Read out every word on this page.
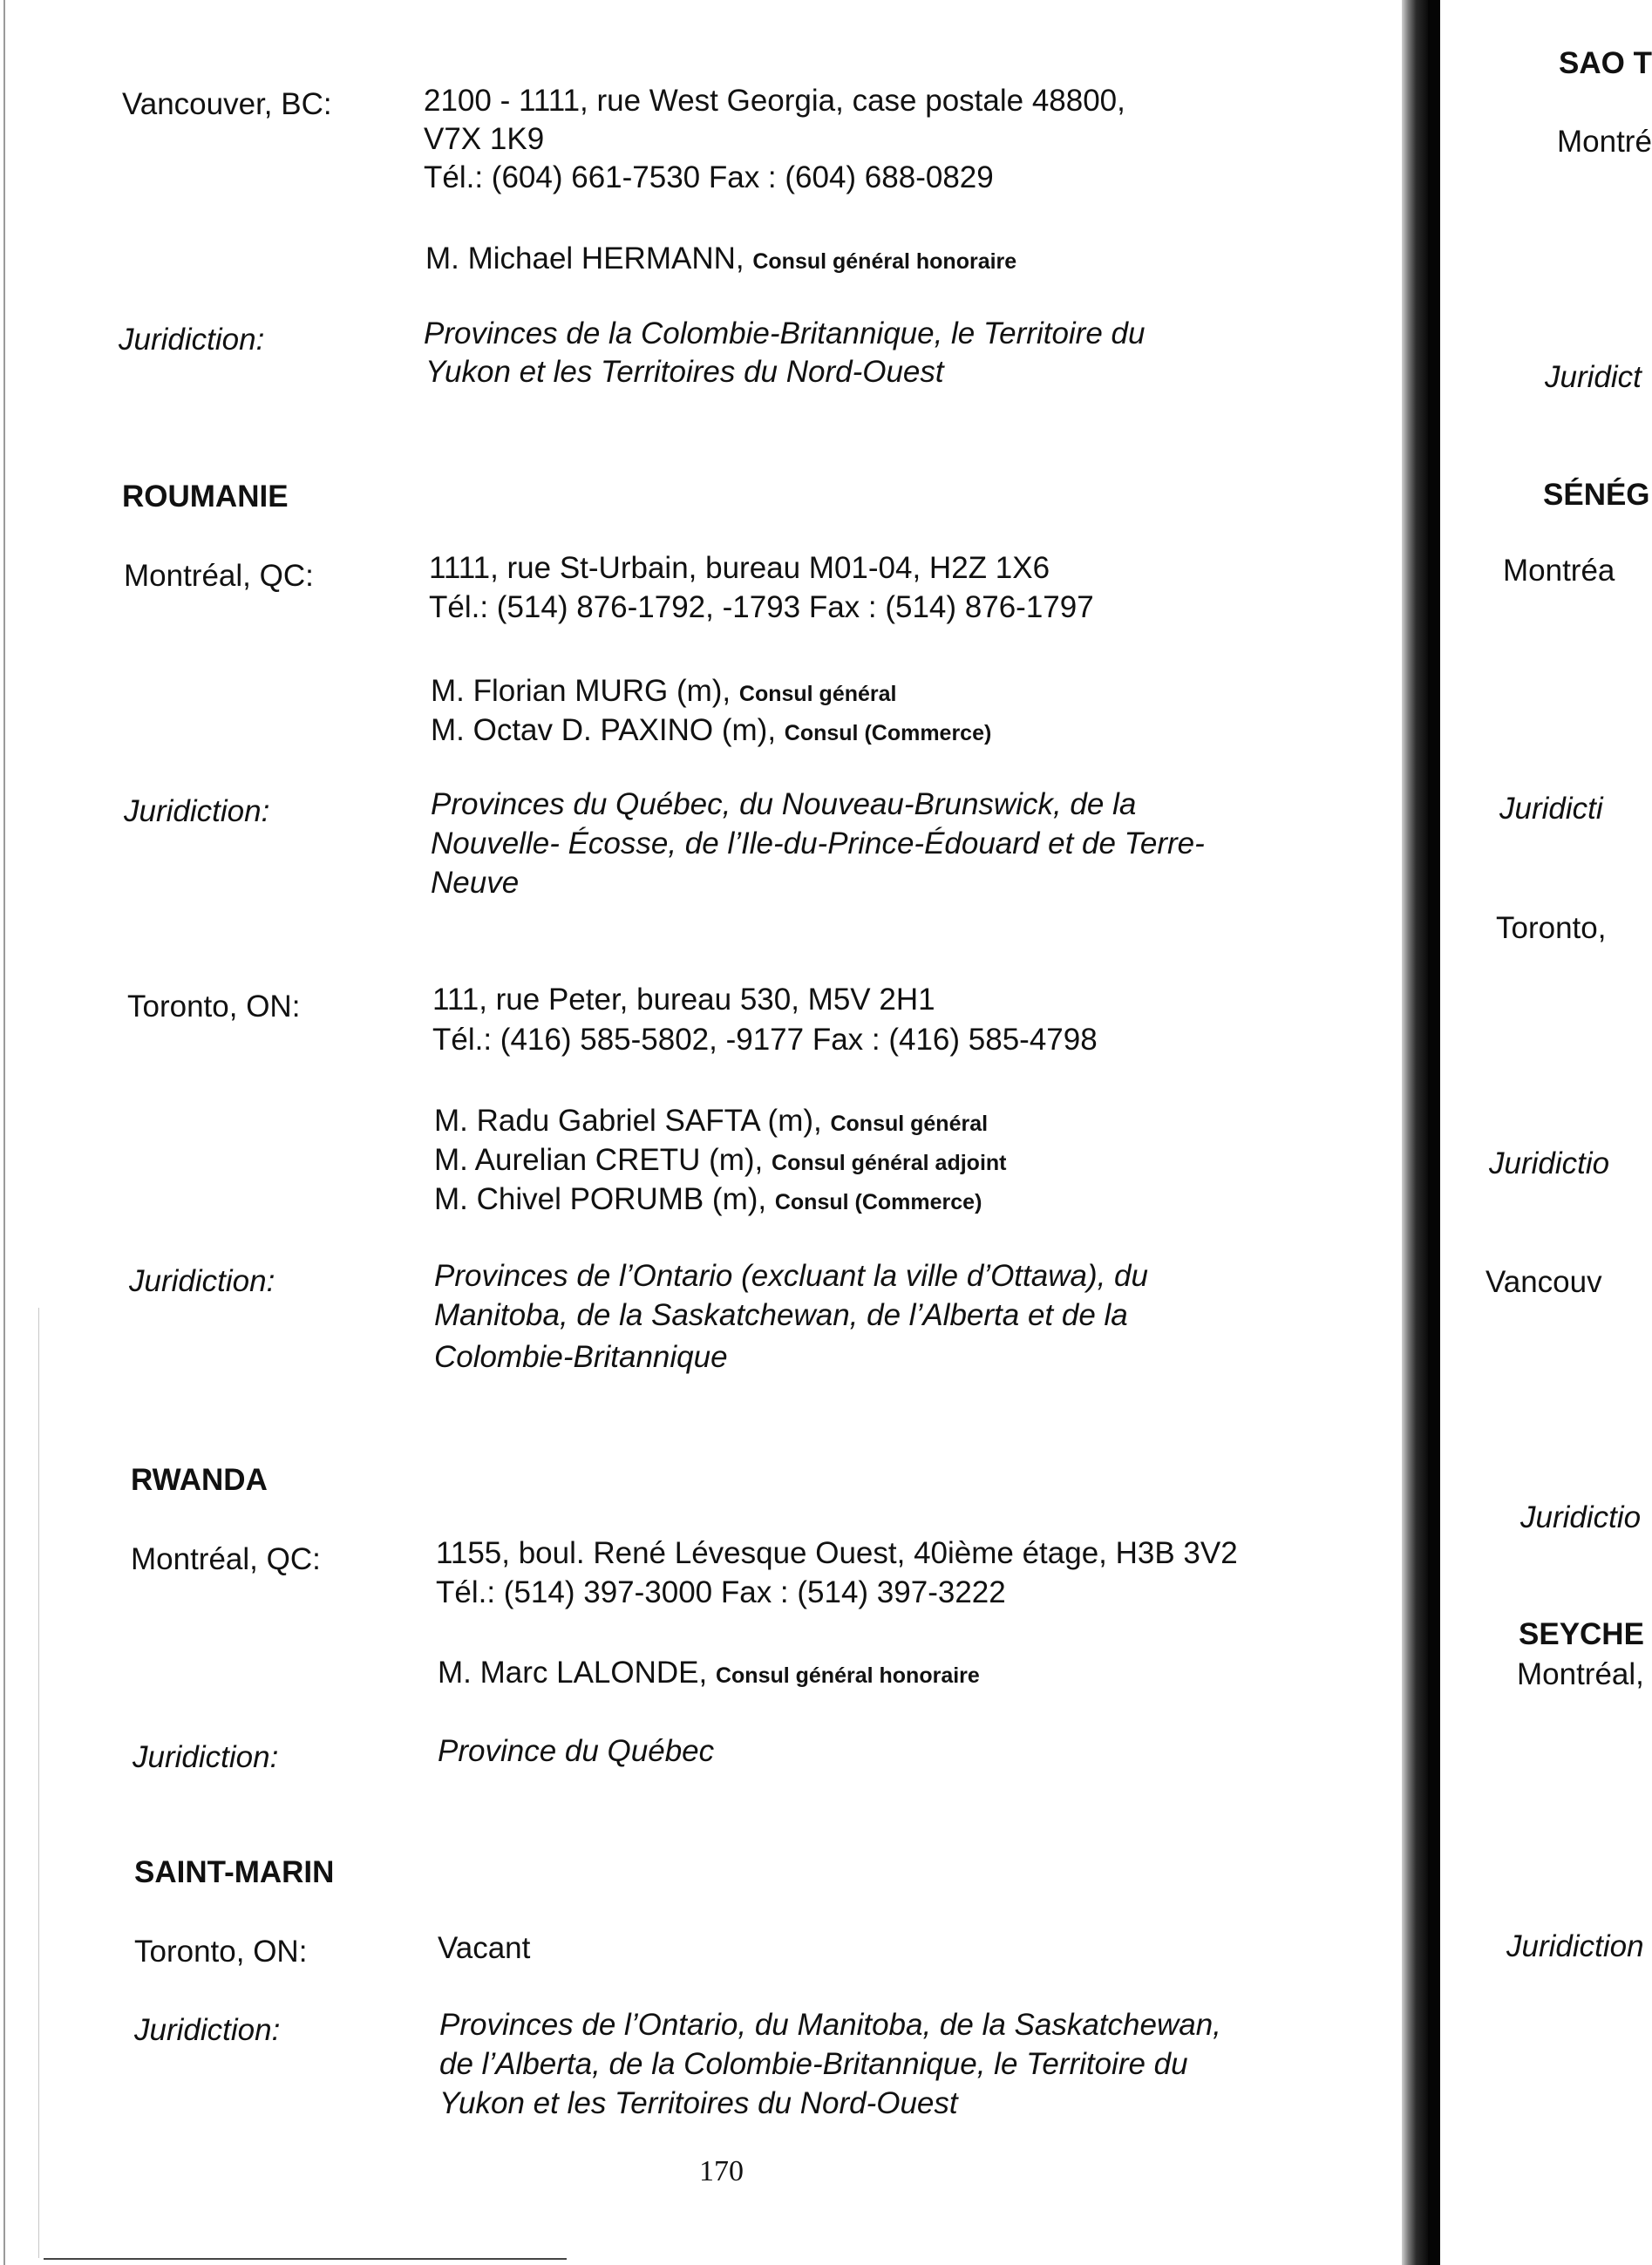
Vancouver, BC:	2100 - 1111, rue West Georgia, case postale 48800,
V7X 1K9
Tél.: (604) 661-7530 Fax : (604) 688-0829
M. Michael HERMANN, Consul général honoraire
Juridiction:	Provinces de la Colombie-Britannique, le Territoire du
Yukon et les Territoires du Nord-Ouest
ROUMANIE
Montréal, QC:	1111, rue St-Urbain, bureau M01-04, H2Z 1X6
Tél.: (514) 876-1792, -1793 Fax : (514) 876-1797
M. Florian MURG (m), Consul général
M. Octav D. PAXINO (m), Consul (Commerce)
Juridiction:	Provinces du Québec, du Nouveau-Brunswick, de la
Nouvelle- Écosse, de l’Ile-du-Prince-Édouard et de Terre-
Neuve
Toronto, ON:	111, rue Peter, bureau 530, M5V 2H1
Tél.: (416) 585-5802, -9177 Fax : (416) 585-4798
M. Radu Gabriel SAFTA (m), Consul général
M. Aurelian CRETU (m), Consul général adjoint
M. Chivel PORUMB (m), Consul (Commerce)
Juridiction:	Provinces de l’Ontario (excluant la ville d’Ottawa), du
Manitoba, de la Saskatchewan, de l’Alberta et de la
Colombie-Britannique
RWANDA
Montréal, QC:	1155, boul. René Lévesque Ouest, 40ième étage, H3B 3V2
Tél.: (514) 397-3000 Fax : (514) 397-3222
M. Marc LALONDE, Consul général honoraire
Juridiction:	Province du Québec
SAINT-MARIN
Toronto, ON:	Vacant
Juridiction:	Provinces de l’Ontario, du Manitoba, de la Saskatchewan,
de l’Alberta, de la Colombie-Britannique, le Territoire du
Yukon et les Territoires du Nord-Ouest
170
SAO T
Montré
Juridict
SÉNÉG
Montréa
Juridicti
Toronto,
Juridictio
Vancouv
Juridictio
SEYCHE
Montréal,
Juridiction
